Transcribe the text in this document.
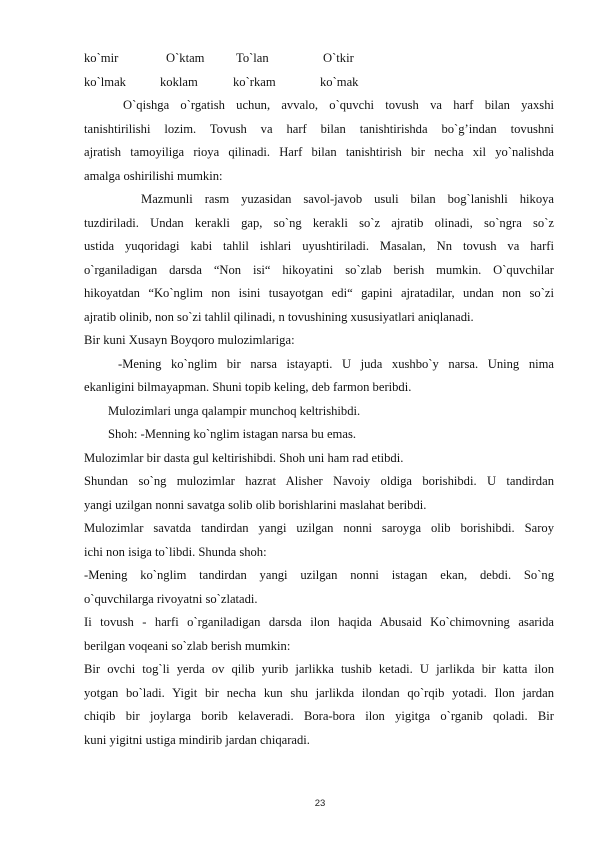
ko`mir	O`ktam	To`lan	O`tkir
ko`lmak	koklam	ko`rkam	ko`mak

O`qishga o`rgatish uchun, avvalo, o`quvchi tovush va harf bilan yaxshi

tanishtirilishi lozim. Tovush va harf bilan tanishtirishda bo`g’indan tovushni

ajratish tamoyiliga rioya qilinadi. Harf bilan tanishtirish bir necha xil yo`nalishda

amalga oshirilishi mumkin:

Mazmunli rasm yuzasidan savol-javob usuli bilan bog`lanishli hikoya

tuzdiriladi. Undan kerakli gap, so`ng kerakli so`z ajratib olinadi, so`ngra so`z

ustida yuqoridagi kabi tahlil ishlari uyushtiriladi. Masalan, Nn tovush va harfi

o`rganiladigan darsda “Non isi“ hikoyatini so`zlab berish mumkin. O`quvchilar

hikoyatdan “Ko`nglim non isini tusayotgan edi“ gapini ajratadilar, undan non so`zi

ajratib olinib, non so`zi tahlil qilinadi, n tovushining xususiyatlari aniqlanadi.

Bir kuni Xusayn Boyqoro mulozimlariga:

-Mening ko`nglim bir narsa istayapti. U juda xushbo`y narsa. Uning nima

ekanligini bilmayapman. Shuni topib keling, deb farmon beribdi.

Mulozimlari unga qalampir munchoq keltrishibdi.

Shoh: -Menning ko`nglim istagan narsa bu emas.

Mulozimlar bir dasta gul keltirishibdi. Shoh uni ham rad etibdi.

Shundan so`ng mulozimlar hazrat Alisher Navoiy oldiga borishibdi. U tandirdan

yangi uzilgan nonni savatga solib olib borishlarini maslahat beribdi.

Mulozimlar savatda tandirdan yangi uzilgan nonni saroyga olib borishibdi. Saroy

ichi non isiga to`libdi. Shunda shoh:

-Mening ko`nglim tandirdan yangi uzilgan nonni istagan ekan, debdi. So`ng

o`quvchilarga rivoyatni so`zlatadi.

Ii tovush - harfi o`rganiladigan darsda ilon haqida Abusaid Ko`chimovning asarida

berilgan voqeani so`zlab berish mumkin:

Bir ovchi tog`li yerda ov qilib yurib jarlikka tushib ketadi. U jarlikda bir katta ilon

yotgan bo`ladi. Yigit bir necha kun shu jarlikda ilondan qo`rqib yotadi. Ilon jardan

chiqib bir joylarga borib kelaveradi. Bora-bora ilon yigitga o`rganib qoladi. Bir

kuni yigitni ustiga mindirib jardan chiqaradi.

23
